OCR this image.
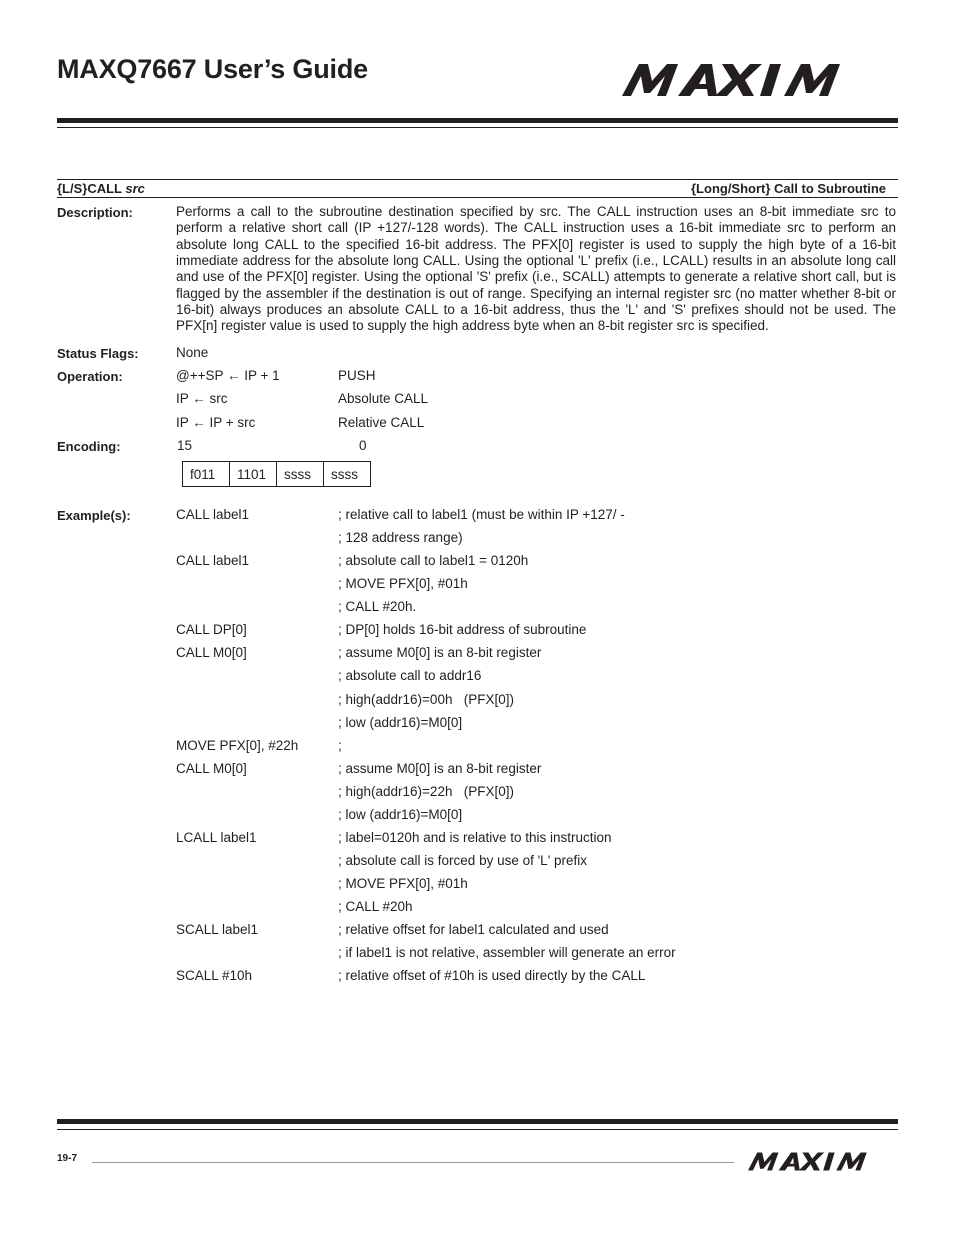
MAXQ7667 User’s Guide
{L/S}CALL src	{Long/Short} Call to Subroutine
Description:	Performs a call to the subroutine destination specified by src. The CALL instruction uses an 8-bit immediate src to perform a relative short call (IP +127/-128 words). The CALL instruction uses a 16-bit immediate src to perform an absolute long CALL to the specified 16-bit address. The PFX[0] register is used to supply the high byte of a 16-bit immediate address for the absolute long CALL. Using the optional 'L' prefix (i.e., LCALL) results in an absolute long call and use of the PFX[0] register. Using the optional 'S' prefix (i.e., SCALL) attempts to generate a relative short call, but is flagged by the assembler if the destination is out of range. Specifying an internal register src (no matter whether 8-bit or 16-bit) always produces an absolute CALL to a 16-bit address, thus the 'L' and 'S' prefixes should not be used. The PFX[n] register value is used to supply the high address byte when an 8-bit register src is specified.
Status Flags:	None
Operation:	@++SP ← IP + 1	PUSH
IP ← src	Absolute CALL
IP ← IP + src	Relative CALL
Encoding:	15	0
f011	1101	ssss	ssss
Example(s):	CALL label1	; relative call to label1 (must be within IP +127/ -
; 128 address range)
CALL label1	; absolute call to label1 = 0120h
; MOVE PFX[0], #01h
; CALL #20h.
CALL DP[0]	; DP[0] holds 16-bit address of subroutine
CALL M0[0]	; assume M0[0] is an 8-bit register
; absolute call to addr16
; high(addr16)=00h   (PFX[0])
; low (addr16)=M0[0]
MOVE PFX[0], #22h	;
CALL M0[0]	; assume M0[0] is an 8-bit register
; high(addr16)=22h   (PFX[0])
; low (addr16)=M0[0]
LCALL label1	; label=0120h and is relative to this instruction
; absolute call is forced by use of 'L' prefix
; MOVE PFX[0], #01h
; CALL #20h
SCALL label1	; relative offset for label1 calculated and used
; if label1 is not relative, assembler will generate an error
SCALL #10h	; relative offset of #10h is used directly by the CALL
19-7
